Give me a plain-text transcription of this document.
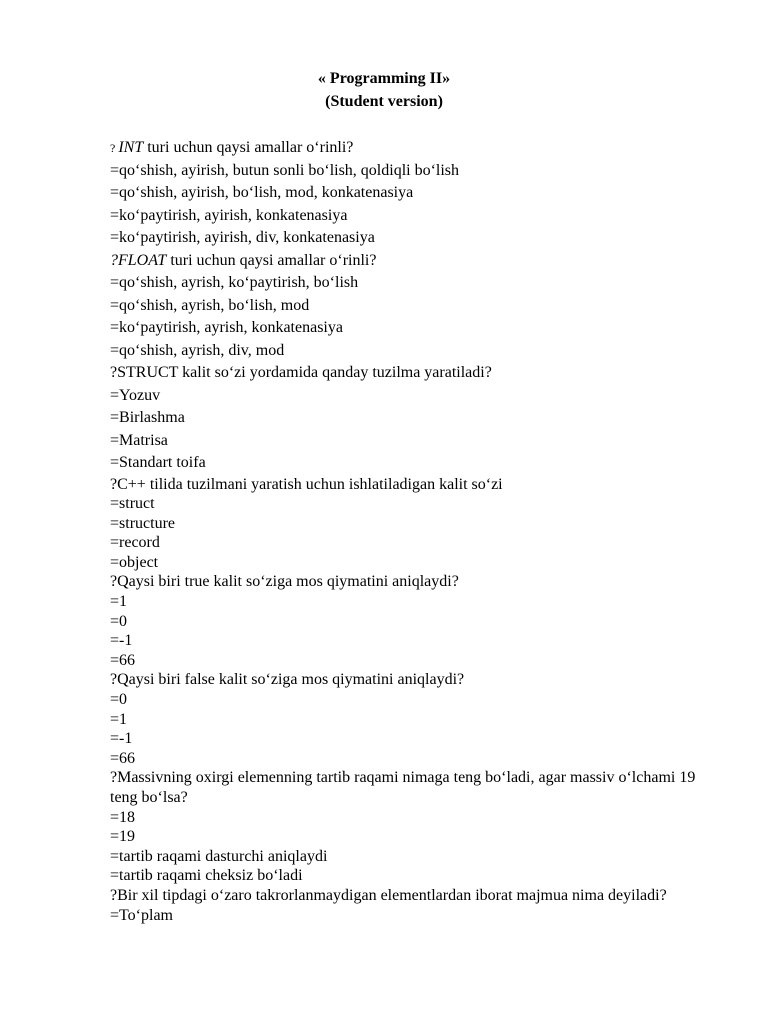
« Programming II»
(Student version)
? INT turi uchun qaysi amallar o‘rinli?
=qo‘shish, ayirish, butun sonli bo‘lish, qoldiqli bo‘lish
=qo‘shish, ayirish, bo‘lish, mod, konkatenasiya
=ko‘paytirish, ayirish, konkatenasiya
=ko‘paytirish, ayirish, div, konkatenasiya
?FLOAT turi uchun qaysi amallar o‘rinli?
=qo‘shish, ayrish, ko‘paytirish, bo‘lish
=qo‘shish, ayrish, bo‘lish, mod
=ko‘paytirish, ayrish, konkatenasiya
=qo‘shish, ayrish, div, mod
?STRUCT kalit so‘zi yordamida qanday tuzilma yaratiladi?
=Yozuv
=Birlashma
=Matrisa
=Standart toifa
?C++ tilida tuzilmani yaratish uchun ishlatiladigan kalit so‘zi
=struct
=structure
=record
=object
?Qaysi biri true kalit so‘ziga mos qiymatini aniqlaydi?
=1
=0
=-1
=66
?Qaysi biri false kalit so‘ziga mos qiymatini aniqlaydi?
=0
=1
=-1
=66
?Massivning oxirgi elemenning tartib raqami nimaga teng bo‘ladi, agar massiv o‘lchami 19 teng bo‘lsa?
=18
=19
=tartib raqami dasturchi aniqlaydi
=tartib raqami cheksiz bo‘ladi
?Bir xil tipdagi o‘zaro takrorlanmaydigan elementlardan iborat majmua nima deyiladi?
=To‘plam
